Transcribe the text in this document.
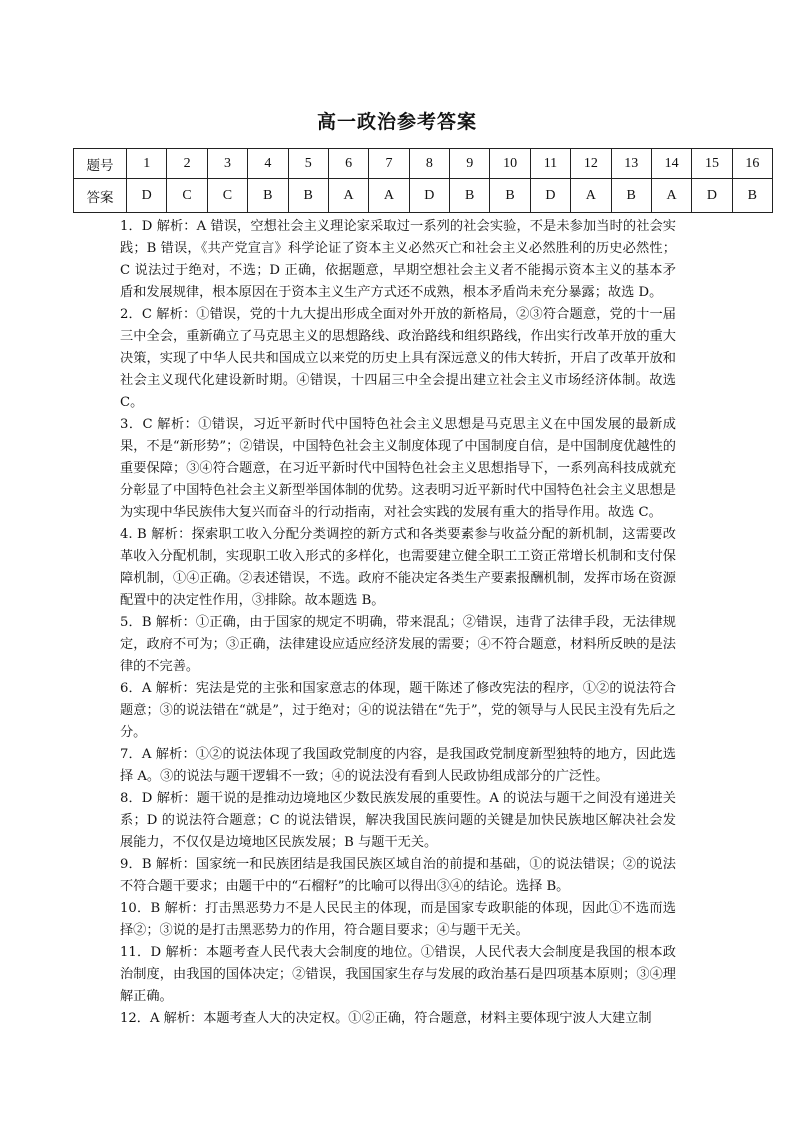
高一政治参考答案
题号	1	2	3	4	5	6	7	8	9	10	11	12	13	14	15	16
答案	D	C	C	B	B	A	A	D	B	B	D	A	B	A	D	B

1．D 解析：A 错误，空想社会主义理论家采取过一系列的社会实验，不是未参加当时的社会实践；B 错误，《共产党宣言》科学论证了资本主义必然灭亡和社会主义必然胜利的历史必然性；C 说法过于绝对，不选；D 正确，依据题意，早期空想社会主义者不能揭示资本主义的基本矛盾和发展规律，根本原因在于资本主义生产方式还不成熟，根本矛盾尚未充分暴露；故选 D。

2．C 解析：①错误，党的十九大提出形成全面对外开放的新格局，②③符合题意，党的十一届三中全会，重新确立了马克思主义的思想路线、政治路线和组织路线，作出实行改革开放的重大决策，实现了中华人民共和国成立以来党的历史上具有深远意义的伟大转折，开启了改革开放和社会主义现代化建设新时期。④错误，十四届三中全会提出建立社会主义市场经济体制。故选 C。

3．C 解析：①错误，习近平新时代中国特色社会主义思想是马克思主义在中国发展的最新成果，不是“新形势”；②错误，中国特色社会主义制度体现了中国制度自信，是中国制度优越性的重要保障；③④符合题意，在习近平新时代中国特色社会主义思想指导下，一系列高科技成就充分彰显了中国特色社会主义新型举国体制的优势。这表明习近平新时代中国特色社会主义思想是为实现中华民族伟大复兴而奋斗的行动指南，对社会实践的发展有重大的指导作用。故选 C。

4. B 解析：探索职工收入分配分类调控的新方式和各类要素参与收益分配的新机制，这需要改革收入分配机制，实现职工收入形式的多样化，也需要建立健全职工工资正常增长机制和支付保障机制，①④正确。②表述错误，不选。政府不能决定各类生产要素报酬机制，发挥市场在资源配置中的决定性作用，③排除。故本题选 B。

5．B 解析：①正确，由于国家的规定不明确，带来混乱；②错误，违背了法律手段，无法律规定，政府不可为；③正确，法律建设应适应经济发展的需要；④不符合题意，材料所反映的是法律的不完善。

6．A 解析：宪法是党的主张和国家意志的体现，题干陈述了修改宪法的程序，①②的说法符合题意；③的说法错在“就是”，过于绝对；④的说法错在“先于”，党的领导与人民民主没有先后之分。

7．A 解析：①②的说法体现了我国政党制度的内容，是我国政党制度新型独特的地方，因此选择 A。③的说法与题干逻辑不一致；④的说法没有看到人民政协组成部分的广泛性。

8．D 解析：题干说的是推动边境地区少数民族发展的重要性。A 的说法与题干之间没有递进关系；D 的说法符合题意；C 的说法错误，解决我国民族问题的关键是加快民族地区解决社会发展能力，不仅仅是边境地区民族发展；B 与题干无关。

9．B 解析：国家统一和民族团结是我国民族区域自治的前提和基础，①的说法错误；②的说法不符合题干要求；由题干中的“石榴籽”的比喻可以得出③④的结论。选择 B。

10．B 解析：打击黑恶势力不是人民民主的体现，而是国家专政职能的体现，因此①不选而选择②；③说的是打击黑恶势力的作用，符合题目要求；④与题干无关。

11．D 解析：本题考查人民代表大会制度的地位。①错误，人民代表大会制度是我国的根本政治制度，由我国的国体决定；②错误，我国国家生存与发展的政治基石是四项基本原则；③④理解正确。

12．A 解析：本题考查人大的决定权。①②正确，符合题意，材料主要体现宁波人大建立制
